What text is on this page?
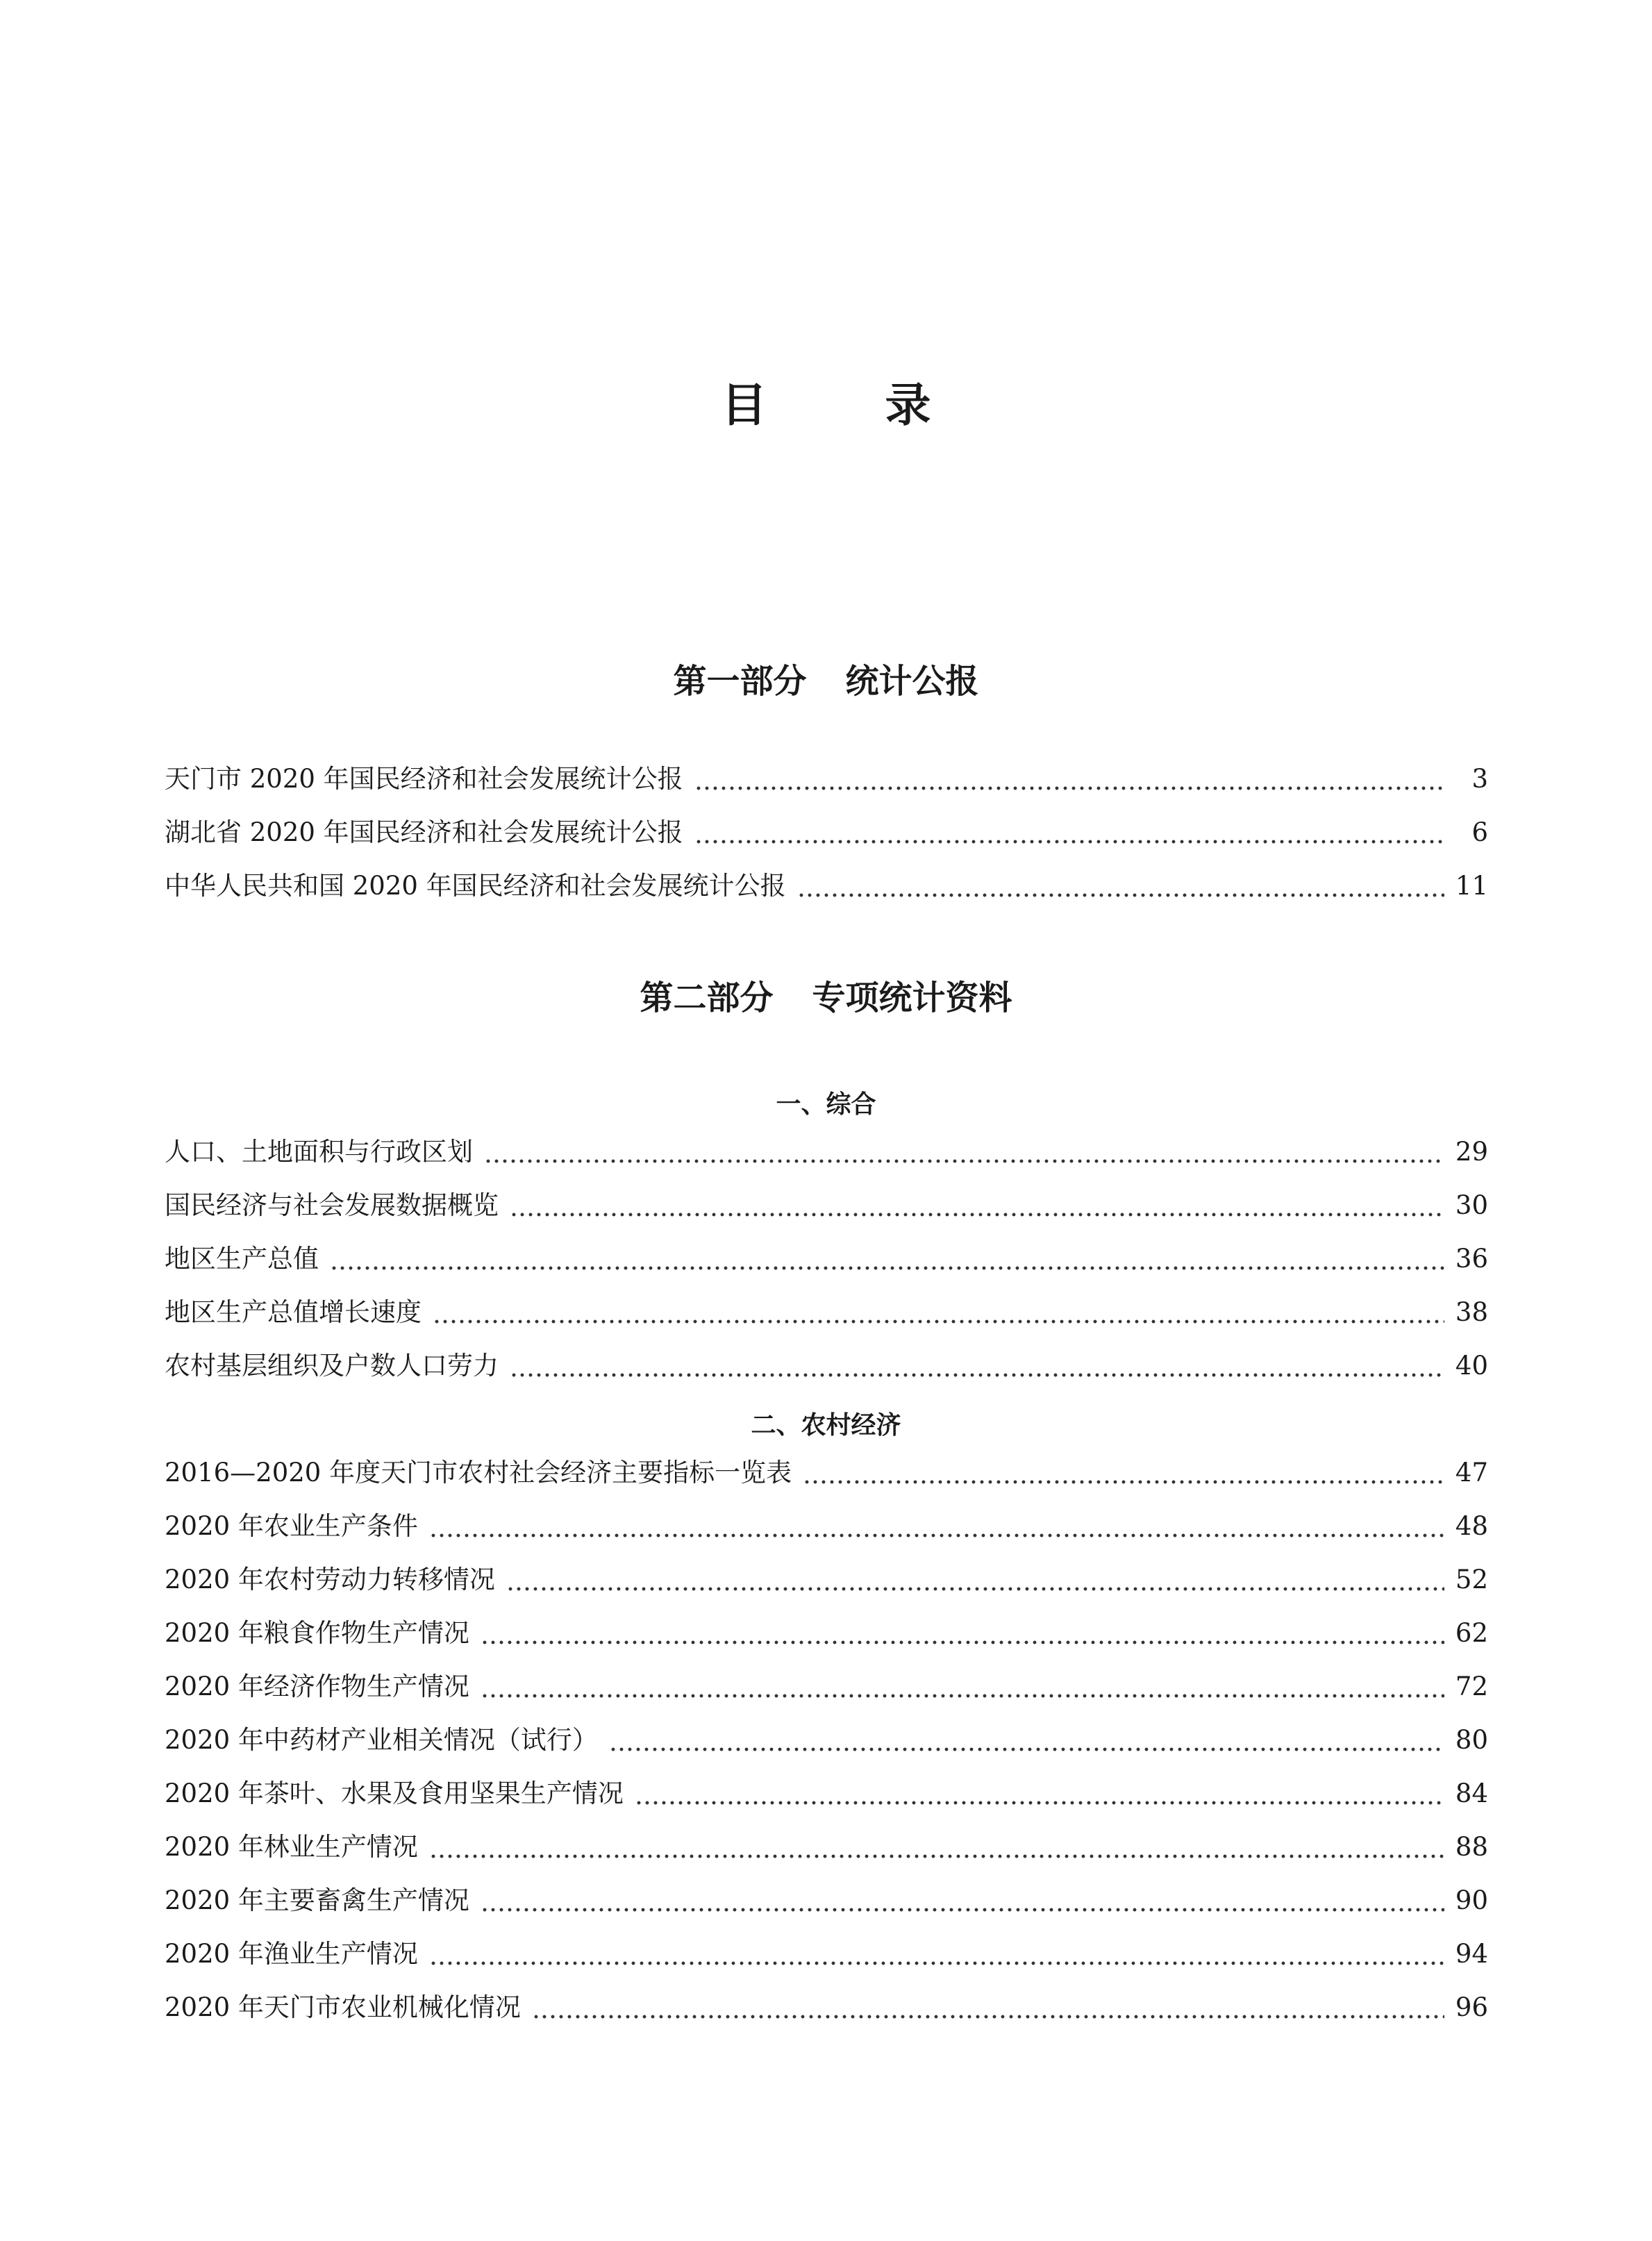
目	录
第一部分 统计公报
天门市 2020 年国民经济和社会发展统计公报	3
湖北省 2020 年国民经济和社会发展统计公报	6
中华人民共和国 2020 年国民经济和社会发展统计公报	11
第二部分 专项统计资料
一、综合
人口、土地面积与行政区划	29
国民经济与社会发展数据概览	30
地区生产总值	36
地区生产总值增长速度	38
农村基层组织及户数人口劳力	40
二、农村经济
2016—2020 年度天门市农村社会经济主要指标一览表	47
2020 年农业生产条件	48
2020 年农村劳动力转移情况	52
2020 年粮食作物生产情况	62
2020 年经济作物生产情况	72
2020 年中药材产业相关情况（试行）	80
2020 年茶叶、水果及食用坚果生产情况	84
2020 年林业生产情况	88
2020 年主要畜禽生产情况	90
2020 年渔业生产情况	94
2020 年天门市农业机械化情况	96
